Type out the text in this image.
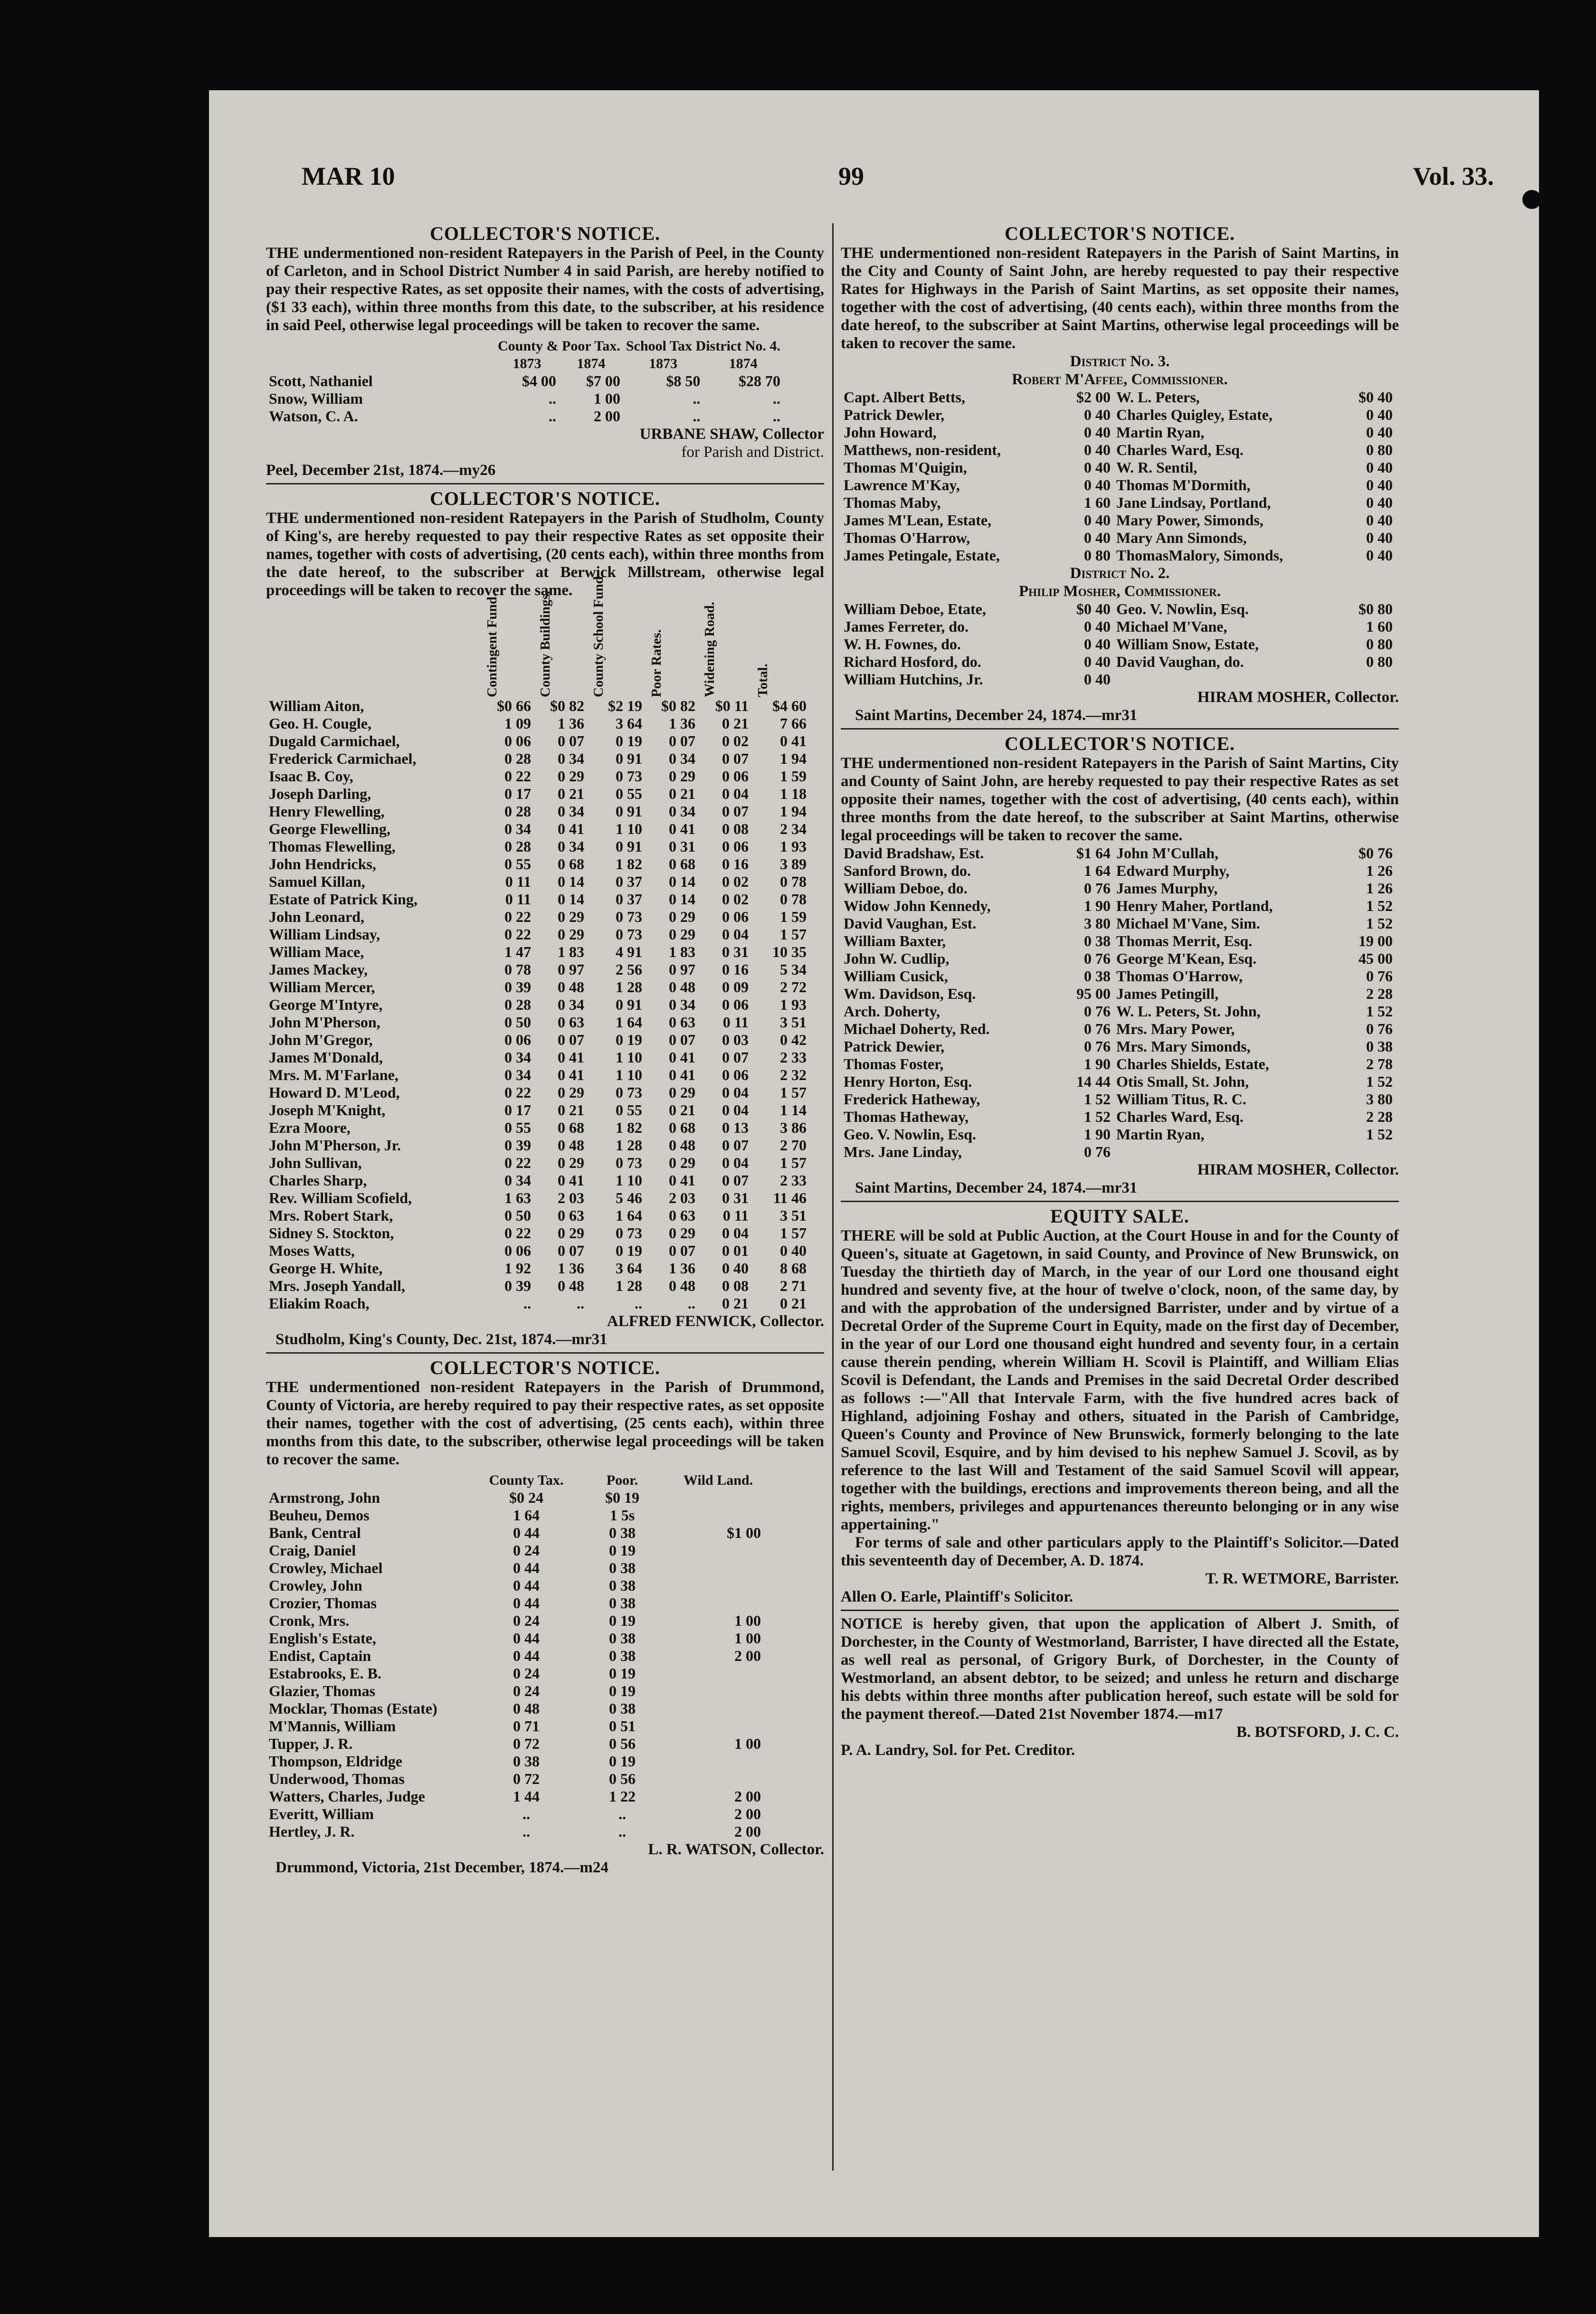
MAR 10	99	Vol. 33.
COLLECTOR'S NOTICE.
THE undermentioned non-resident Ratepayers in the Parish of Peel, in the County of Carleton, and in School District Number 4 in said Parish, are hereby notified to pay their respective Rates, as set opposite their names, with the costs of advertising, ($1 33 each), within three months from this date, to the subscriber, at his residence in said Peel, otherwise legal proceedings will be taken to recover the same.
	County & Poor Tax.		School Tax District No. 4.	
	1873	1874	1873	1874
Scott, Nathaniel	$4 00	$7 00	$8 50	$28 70
Snow, William	..	1 00	..	..
Watson, C. A.	..	2 00	..	..
URBANE SHAW, Collector
for Parish and District.
Peel, December 21st, 1874.—my26
COLLECTOR'S NOTICE.
THE undermentioned non-resident Ratepayers in the Parish of Studholm, County of King's, are hereby requested to pay their respective Rates as set opposite their names, together with costs of advertising, (20 cents each), within three months from the date hereof, to the subscriber at Berwick Millstream, otherwise legal proceedings will be taken to recover the same.

	Contingent Fund.	County Buildings.	County School Fund	Poor Rates.	Widening Road.	Total.

William Aiton,	$0 66	$0 82	$2 19	$0 82	$0 11	$4 60
Geo. H. Cougle,	1 09	1 36	3 64	1 36	0 21	7 66
Dugald Carmichael,	0 06	0 07	0 19	0 07	0 02	0 41
Frederick Carmichael,	0 28	0 34	0 91	0 34	0 07	1 94
Isaac B. Coy,	0 22	0 29	0 73	0 29	0 06	1 59
Joseph Darling,	0 17	0 21	0 55	0 21	0 04	1 18
Henry Flewelling,	0 28	0 34	0 91	0 34	0 07	1 94
George Flewelling,	0 34	0 41	1 10	0 41	0 08	2 34
Thomas Flewelling,	0 28	0 34	0 91	0 31	0 06	1 93
John Hendricks,	0 55	0 68	1 82	0 68	0 16	3 89
Samuel Killan,	0 11	0 14	0 37	0 14	0 02	0 78
Estate of Patrick King,	0 11	0 14	0 37	0 14	0 02	0 78
John Leonard,	0 22	0 29	0 73	0 29	0 06	1 59
William Lindsay,	0 22	0 29	0 73	0 29	0 04	1 57
William Mace,	1 47	1 83	4 91	1 83	0 31	10 35
James Mackey,	0 78	0 97	2 56	0 97	0 16	5 34
William Mercer,	0 39	0 48	1 28	0 48	0 09	2 72
George M'Intyre,	0 28	0 34	0 91	0 34	0 06	1 93
John M'Pherson,	0 50	0 63	1 64	0 63	0 11	3 51
John M'Gregor,	0 06	0 07	0 19	0 07	0 03	0 42
James M'Donald,	0 34	0 41	1 10	0 41	0 07	2 33
Mrs. M. M'Farlane,	0 34	0 41	1 10	0 41	0 06	2 32
Howard D. M'Leod,	0 22	0 29	0 73	0 29	0 04	1 57
Joseph M'Knight,	0 17	0 21	0 55	0 21	0 04	1 14
Ezra Moore,	0 55	0 68	1 82	0 68	0 13	3 86
John M'Pherson, Jr.	0 39	0 48	1 28	0 48	0 07	2 70
John Sullivan,	0 22	0 29	0 73	0 29	0 04	1 57
Charles Sharp,	0 34	0 41	1 10	0 41	0 07	2 33
Rev. William Scofield,	1 63	2 03	5 46	2 03	0 31	11 46
Mrs. Robert Stark,	0 50	0 63	1 64	0 63	0 11	3 51
Sidney S. Stockton,	0 22	0 29	0 73	0 29	0 04	1 57
Moses Watts,	0 06	0 07	0 19	0 07	0 01	0 40
George H. White,	1 92	1 36	3 64	1 36	0 40	8 68
Mrs. Joseph Yandall,	0 39	0 48	1 28	0 48	0 08	2 71
Eliakim Roach,	..	..	..	..	0 21	0 21
ALFRED FENWICK, Collector.
Studholm, King's County, Dec. 21st, 1874.—mr31
COLLECTOR'S NOTICE.
THE undermentioned non-resident Ratepayers in the Parish of Drummond, County of Victoria, are hereby required to pay their respective rates, as set opposite their names, together with the cost of advertising, (25 cents each), within three months from this date, to the subscriber, otherwise legal proceedings will be taken to recover the same.
	County Tax.	Poor.	Wild Land.
Armstrong, John	$0 24	$0 19	
Beuheu, Demos	1 64	1 5s	
Bank, Central	0 44	0 38	$1 00
Craig, Daniel	0 24	0 19	
Crowley, Michael	0 44	0 38	
Crowley, John	0 44	0 38	
Crozier, Thomas	0 44	0 38	
Cronk, Mrs.	0 24	0 19	1 00
English's Estate,	0 44	0 38	1 00
Endist, Captain	0 44	0 38	2 00
Estabrooks, E. B.	0 24	0 19	
Glazier, Thomas	0 24	0 19	
Mocklar, Thomas (Estate)	0 48	0 38	
M'Mannis, William	0 71	0 51	
Tupper, J. R.	0 72	0 56	1 00
Thompson, Eldridge	0 38	0 19	
Underwood, Thomas	0 72	0 56	
Watters, Charles, Judge	1 44	1 22	2 00
Everitt, William	..	..	2 00
Hertley, J. R.	..	..	2 00
L. R. WATSON, Collector.
Drummond, Victoria, 21st December, 1874.—m24
COLLECTOR'S NOTICE.
THE undermentioned non-resident Ratepayers in the Parish of Saint Martins, in the City and County of Saint John, are hereby requested to pay their respective Rates for Highways in the Parish of Saint Martins, as set opposite their names, together with the cost of advertising, (40 cents each), within three months from the date hereof, to the subscriber at Saint Martins, otherwise legal proceedings will be taken to recover the same.
District No. 3.
Robert M'Affee, Commissioner.
Capt. Albert Betts,	$2 00	W. L. Peters,	$0 40
Patrick Dewler,	0 40	Charles Quigley, Estate,	0 40
John Howard,	0 40	Martin Ryan,	0 40
Matthews, non-resident,	0 40	Charles Ward, Esq.	0 80
Thomas M'Quigin,	0 40	W. R. Sentil,	0 40
Lawrence M'Kay,	0 40	Thomas M'Dormith,	0 40
Thomas Maby,	1 60	Jane Lindsay, Portland,	0 40
James M'Lean, Estate,	0 40	Mary Power, Simonds,	0 40
Thomas O'Harrow,	0 40	Mary Ann Simonds,	0 40
James Petingale, Estate,	0 80	ThomasMalory, Simonds,	0 40
District No. 2.
Philip Mosher, Commissioner.
William Deboe, Etate,	$0 40	Geo. V. Nowlin, Esq.	$0 80
James Ferreter, do.	0 40	Michael M'Vane,	1 60
W. H. Fownes, do.	0 40	William Snow, Estate,	0 80
Richard Hosford, do.	0 40	David Vaughan, do.	0 80
William Hutchins, Jr.	0 40		
HIRAM MOSHER, Collector.
Saint Martins, December 24, 1874.—mr31
COLLECTOR'S NOTICE.
THE undermentioned non-resident Ratepayers in the Parish of Saint Martins, City and County of Saint John, are hereby requested to pay their respective Rates as set opposite their names, together with the cost of advertising, (40 cents each), within three months from the date hereof, to the subscriber at Saint Martins, otherwise legal proceedings will be taken to recover the same.
David Bradshaw, Est.	$1 64	John M'Cullah,	$0 76
Sanford Brown, do.	1 64	Edward Murphy,	1 26
William Deboe, do.	0 76	James Murphy,	1 26
Widow John Kennedy,	1 90	Henry Maher, Portland,	1 52
David Vaughan, Est.	3 80	Michael M'Vane, Sim.	1 52
William Baxter,	0 38	Thomas Merrit, Esq.	19 00
John W. Cudlip,	0 76	George M'Kean, Esq.	45 00
William Cusick,	0 38	Thomas O'Harrow,	0 76
Wm. Davidson, Esq.	95 00	James Petingill,	2 28
Arch. Doherty,	0 76	W. L. Peters, St. John,	1 52
Michael Doherty, Red.	0 76	Mrs. Mary Power,	0 76
Patrick Dewier,	0 76	Mrs. Mary Simonds,	0 38
Thomas Foster,	1 90	Charles Shields, Estate,	2 78
Henry Horton, Esq.	14 44	Otis Small, St. John,	1 52
Frederick Hatheway,	1 52	William Titus, R. C.	3 80
Thomas Hatheway,	1 52	Charles Ward, Esq.	2 28
Geo. V. Nowlin, Esq.	1 90	Martin Ryan,	1 52
Mrs. Jane Linday,	0 76		
HIRAM MOSHER, Collector.
Saint Martins, December 24, 1874.—mr31
EQUITY SALE.
THERE will be sold at Public Auction, at the Court House in and for the County of Queen's, situate at Gagetown, in said County, and Province of New Brunswick, on Tuesday the thirtieth day of March, in the year of our Lord one thousand eight hundred and seventy five, at the hour of twelve o'clock, noon, of the same day, by and with the approbation of the undersigned Barrister, under and by virtue of a Decretal Order of the Supreme Court in Equity, made on the first day of December, in the year of our Lord one thousand eight hundred and seventy four, in a certain cause therein pending, wherein William H. Scovil is Plaintiff, and William Elias Scovil is Defendant, the Lands and Premises in the said Decretal Order described as follows :—"All that Intervale Farm, with the five hundred acres back of Highland, adjoining Foshay and others, situated in the Parish of Cambridge, Queen's County and Province of New Brunswick, formerly belonging to the late Samuel Scovil, Esquire, and by him devised to his nephew Samuel J. Scovil, as by reference to the last Will and Testament of the said Samuel Scovil will appear, together with the buildings, erections and improvements thereon being, and all the rights, members, privileges and appurtenances thereunto belonging or in any wise appertaining."
For terms of sale and other particulars apply to the Plaintiff's Solicitor.—Dated this seventeenth day of December, A. D. 1874.
T. R. WETMORE, Barrister.
Allen O. Earle, Plaintiff's Solicitor.
NOTICE is hereby given, that upon the application of Albert J. Smith, of Dorchester, in the County of Westmorland, Barrister, I have directed all the Estate, as well real as personal, of Grigory Burk, of Dorchester, in the County of Westmorland, an absent debtor, to be seized; and unless he return and discharge his debts within three months after publication hereof, such estate will be sold for the payment thereof.—Dated 21st November 1874.—m17
B. BOTSFORD, J. C. C.
P. A. Landry, Sol. for Pet. Creditor.
